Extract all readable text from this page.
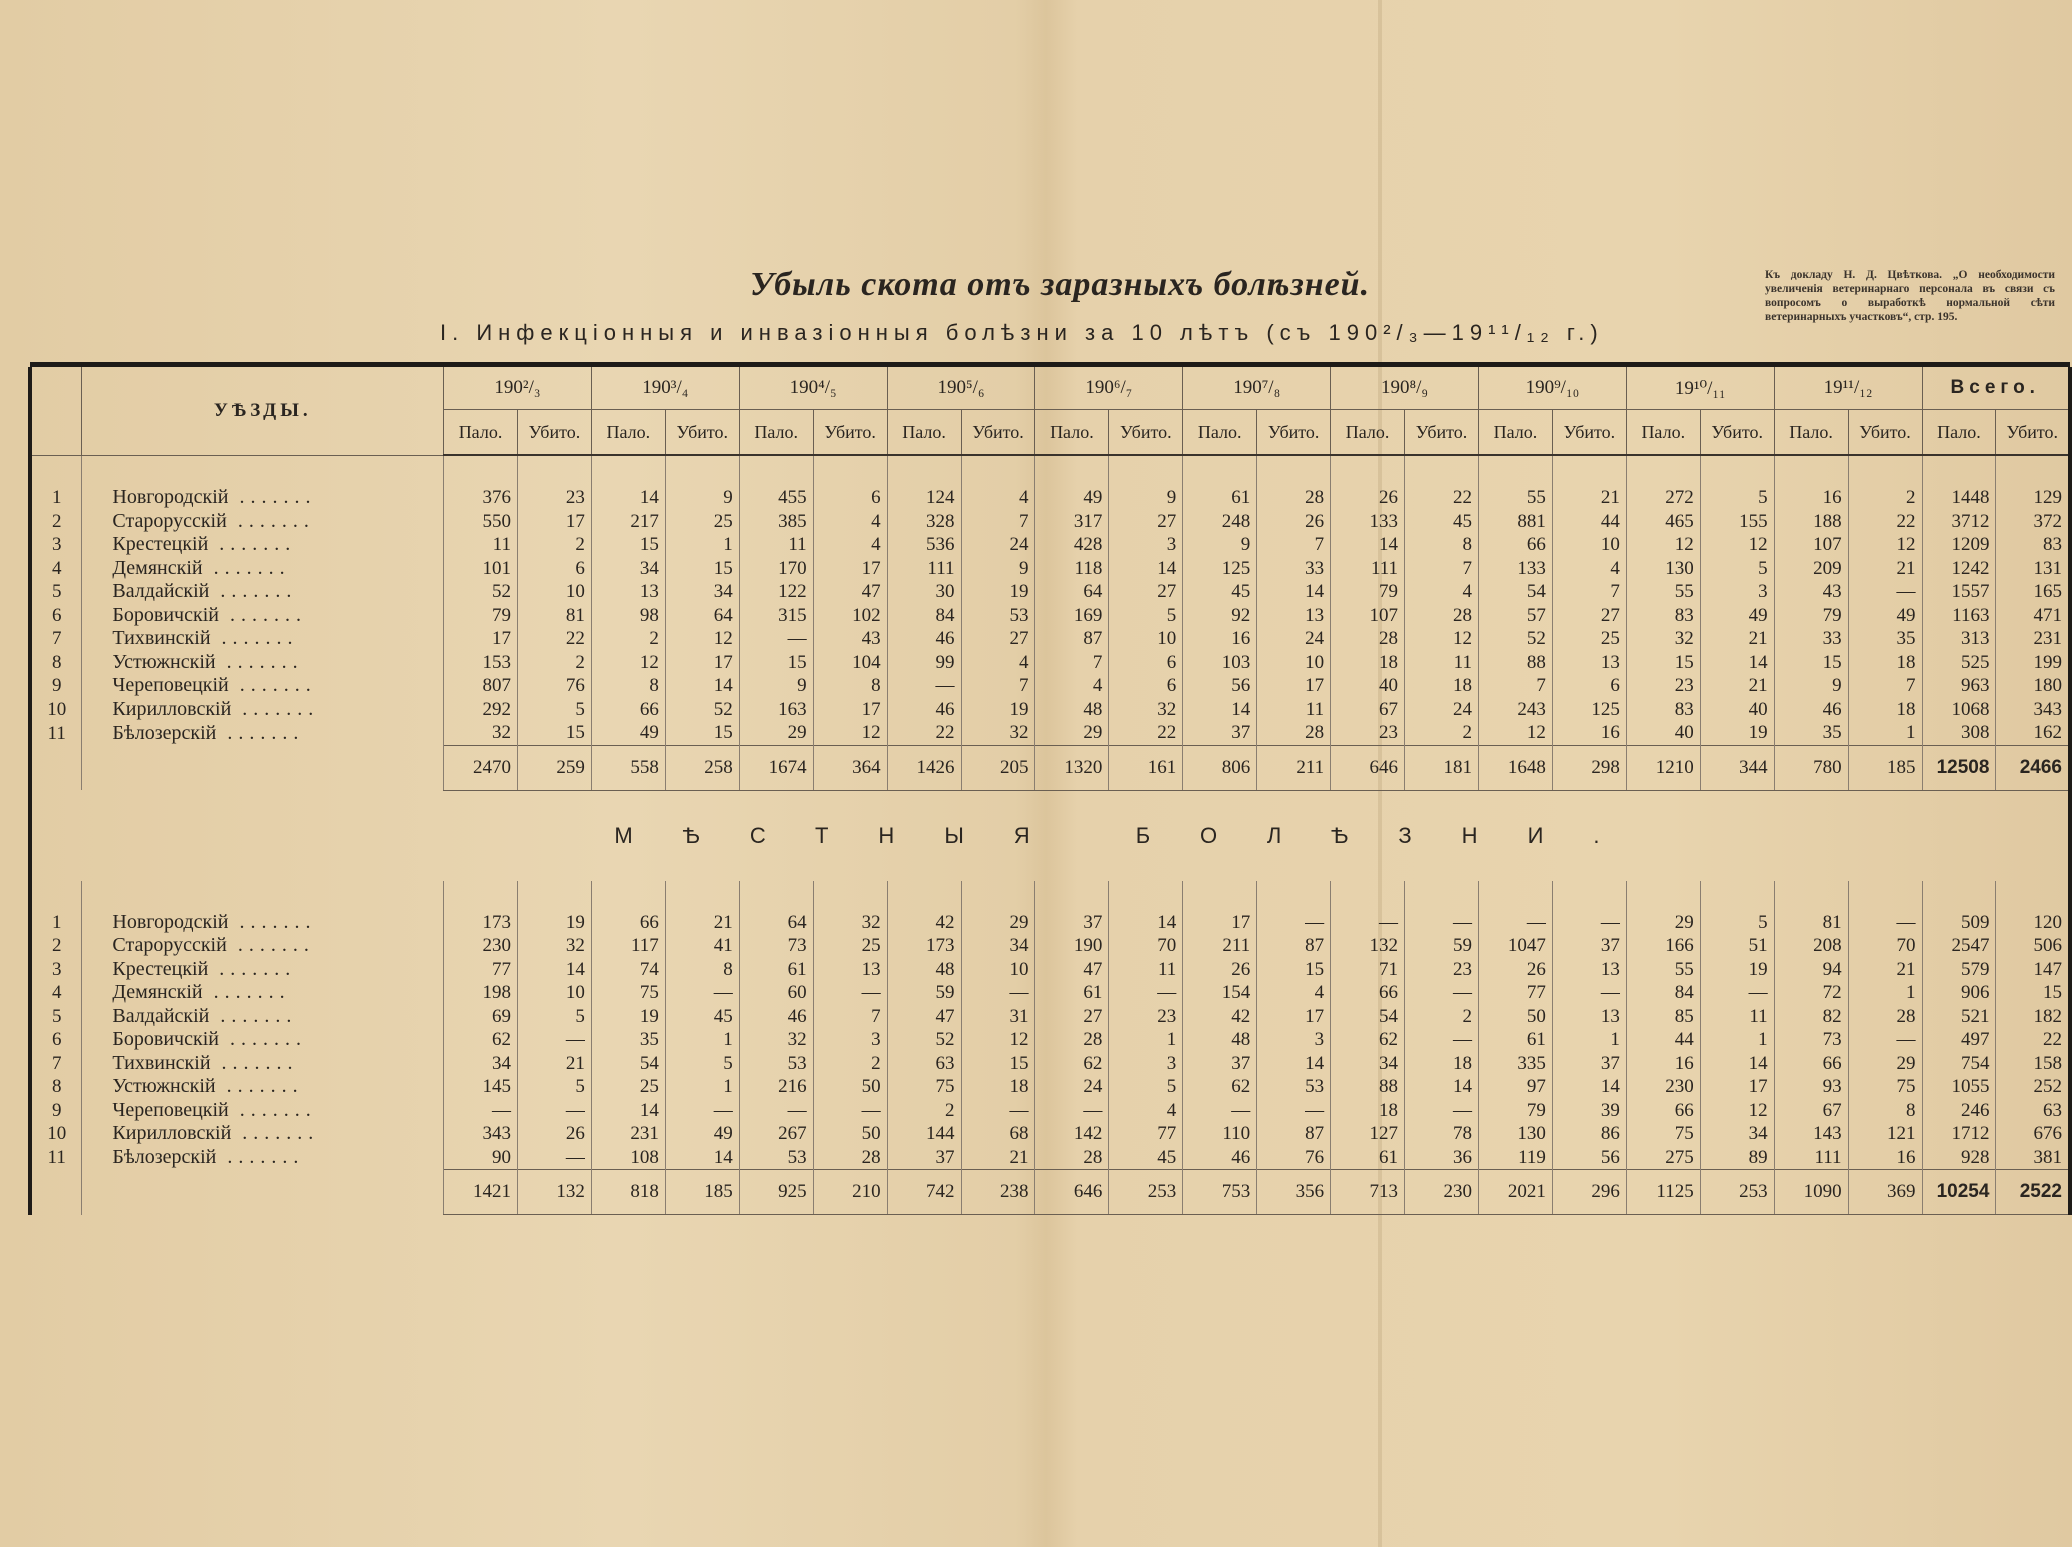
Убыль скота отъ заразныхъ болѣзней.
I. Инфекціонныя и инвазіонныя болѣзни за 10 лѣтъ (съ 190²/₃—19¹¹/₁₂ г.)
Къ докладу Н. Д. Цвѣткова. „О необходимости увеличенія ветеринарнаго персонала въ связи съ вопросомъ о выработкѣ нормальной сѣти ветеринарныхъ участковъ“, стр. 195.

	УѢЗДЫ.	190²/₃		190³/₄		190⁴/₅		190⁵/₆		190⁶/₇		190⁷/₈		190⁸/₉		190⁹/₁₀		19¹⁰/₁₁		19¹¹/₁₂		Всего.	
		Пало.	Убито.	Пало.	Убито.	Пало.	Убито.	Пало.	Убито.	Пало.	Убито.	Пало.	Убито.	Пало.	Убито.	Пало.	Убито.	Пало.	Убито.	Пало.	Убито.	Пало.	Убито.

1	Новгородскій .......	376	23	14	9	455	6	124	4	49	9	61	28	26	22	55	21	272	5	16	2	1448	129
2	Старорусскій .......	550	17	217	25	385	4	328	7	317	27	248	26	133	45	881	44	465	155	188	22	3712	372
3	Крестецкій .......	11	2	15	1	11	4	536	24	428	3	9	7	14	8	66	10	12	12	107	12	1209	83
4	Демянскій .......	101	6	34	15	170	17	111	9	118	14	125	33	111	7	133	4	130	5	209	21	1242	131
5	Валдайскій .......	52	10	13	34	122	47	30	19	64	27	45	14	79	4	54	7	55	3	43	—	1557	165
6	Боровичскій .......	79	81	98	64	315	102	84	53	169	5	92	13	107	28	57	27	83	49	79	49	1163	471
7	Тихвинскій .......	17	22	2	12	—	43	46	27	87	10	16	24	28	12	52	25	32	21	33	35	313	231
8	Устюжнскій .......	153	2	12	17	15	104	99	4	7	6	103	10	18	11	88	13	15	14	15	18	525	199
9	Череповецкій .......	807	76	8	14	9	8	—	7	4	6	56	17	40	18	7	6	23	21	9	7	963	180
10	Кирилловскій .......	292	5	66	52	163	17	46	19	48	32	14	11	67	24	243	125	83	40	46	18	1068	343
11	Бѣлозерскій .......	32	15	49	15	29	12	22	32	29	22	37	28	23	2	12	16	40	19	35	1	308	162
		2470	259	558	258	1674	364	1426	205	1320	161	806	211	646	181	1648	298	1210	344	780	185	12508	2466
	МѢСТНЫЯ БОЛѢЗНИ.																						

1	Новгородскій .......	173	19	66	21	64	32	42	29	37	14	17	—	—	—	—	—	29	5	81	—	509	120
2	Старорусскій .......	230	32	117	41	73	25	173	34	190	70	211	87	132	59	1047	37	166	51	208	70	2547	506
3	Крестецкій .......	77	14	74	8	61	13	48	10	47	11	26	15	71	23	26	13	55	19	94	21	579	147
4	Демянскій .......	198	10	75	—	60	—	59	—	61	—	154	4	66	—	77	—	84	—	72	1	906	15
5	Валдайскій .......	69	5	19	45	46	7	47	31	27	23	42	17	54	2	50	13	85	11	82	28	521	182
6	Боровичскій .......	62	—	35	1	32	3	52	12	28	1	48	3	62	—	61	1	44	1	73	—	497	22
7	Тихвинскій .......	34	21	54	5	53	2	63	15	62	3	37	14	34	18	335	37	16	14	66	29	754	158
8	Устюжнскій .......	145	5	25	1	216	50	75	18	24	5	62	53	88	14	97	14	230	17	93	75	1055	252
9	Череповецкій .......	—	—	14	—	—	—	2	—	—	4	—	—	18	—	79	39	66	12	67	8	246	63
10	Кирилловскій .......	343	26	231	49	267	50	144	68	142	77	110	87	127	78	130	86	75	34	143	121	1712	676
11	Бѣлозерскій .......	90	—	108	14	53	28	37	21	28	45	46	76	61	36	119	56	275	89	111	16	928	381
		1421	132	818	185	925	210	742	238	646	253	753	356	713	230	2021	296	1125	253	1090	369	10254	2522
